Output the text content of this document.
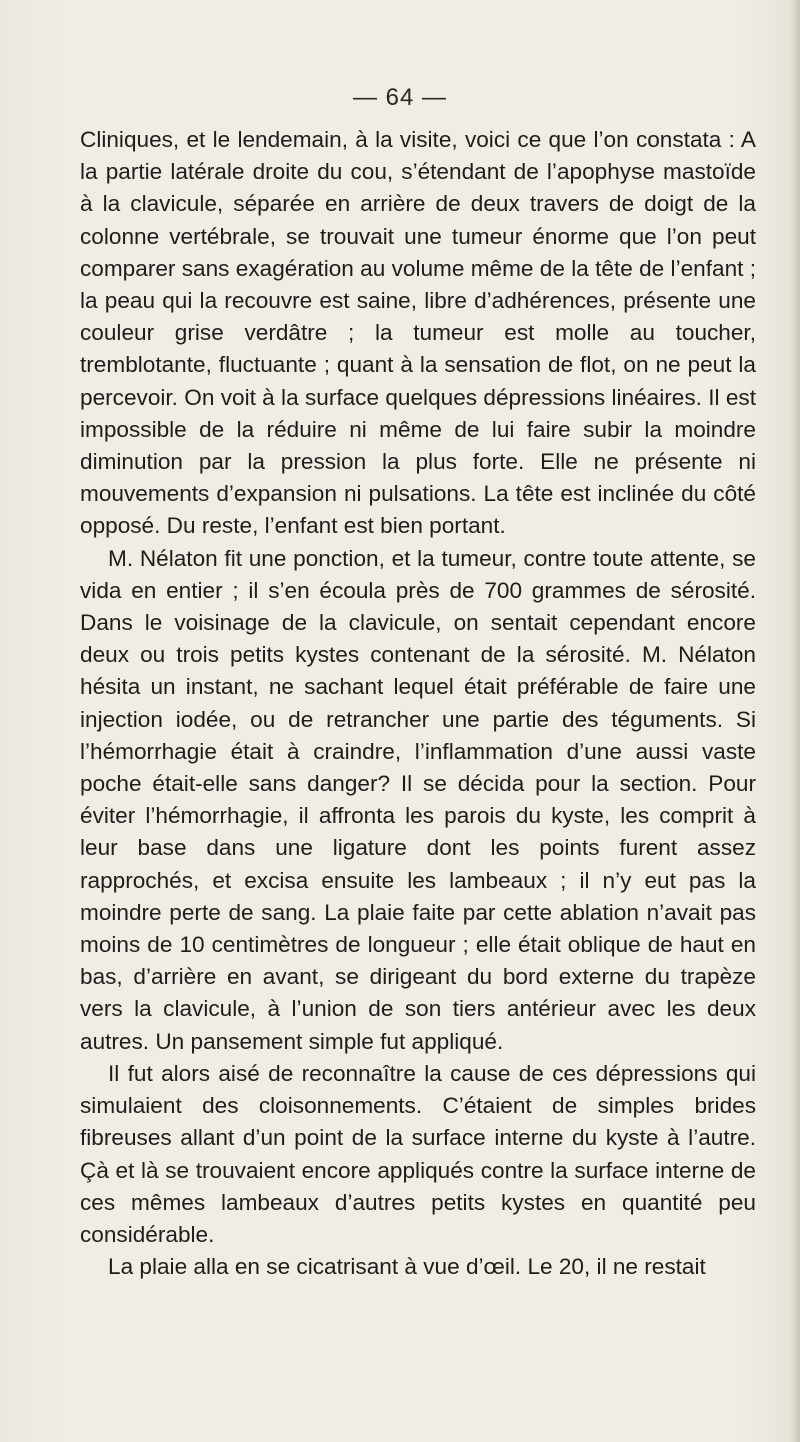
— 64 —

Cliniques, et le lendemain, à la visite, voici ce que l’on constata : A la partie latérale droite du cou, s’étendant de l’apophyse mastoïde à la clavicule, séparée en arrière de deux travers de doigt de la colonne vertébrale, se trouvait une tumeur énorme que l’on peut comparer sans exagération au volume même de la tête de l’enfant ; la peau qui la recouvre est saine, libre d’adhérences, présente une couleur grise verdâtre ; la tumeur est molle au toucher, tremblotante, fluctuante ; quant à la sensation de flot, on ne peut la percevoir. On voit à la surface quelques dépressions linéaires. Il est impossible de la réduire ni même de lui faire subir la moindre diminution par la pression la plus forte. Elle ne présente ni mouvements d’expansion ni pulsations. La tête est inclinée du côté opposé. Du reste, l’enfant est bien portant.

M. Nélaton fit une ponction, et la tumeur, contre toute attente, se vida en entier ; il s’en écoula près de 700 grammes de sérosité. Dans le voisinage de la clavicule, on sentait cependant encore deux ou trois petits kystes contenant de la sérosité. M. Nélaton hésita un instant, ne sachant lequel était préférable de faire une injection iodée, ou de retrancher une partie des téguments. Si l’hémorrhagie était à craindre, l’inflammation d’une aussi vaste poche était-elle sans danger? Il se décida pour la section. Pour éviter l’hémorrhagie, il affronta les parois du kyste, les comprit à leur base dans une ligature dont les points furent assez rapprochés, et excisa ensuite les lambeaux ; il n’y eut pas la moindre perte de sang. La plaie faite par cette ablation n’avait pas moins de 10 centimètres de longueur ; elle était oblique de haut en bas, d’arrière en avant, se dirigeant du bord externe du trapèze vers la clavicule, à l’union de son tiers antérieur avec les deux autres. Un pansement simple fut appliqué.

Il fut alors aisé de reconnaître la cause de ces dépressions qui simulaient des cloisonnements. C’étaient de simples brides fibreuses allant d’un point de la surface interne du kyste à l’autre. Çà et là se trouvaient encore appliqués contre la surface interne de ces mêmes lambeaux d’autres petits kystes en quantité peu considérable.

La plaie alla en se cicatrisant à vue d’œil. Le 20, il ne restait
